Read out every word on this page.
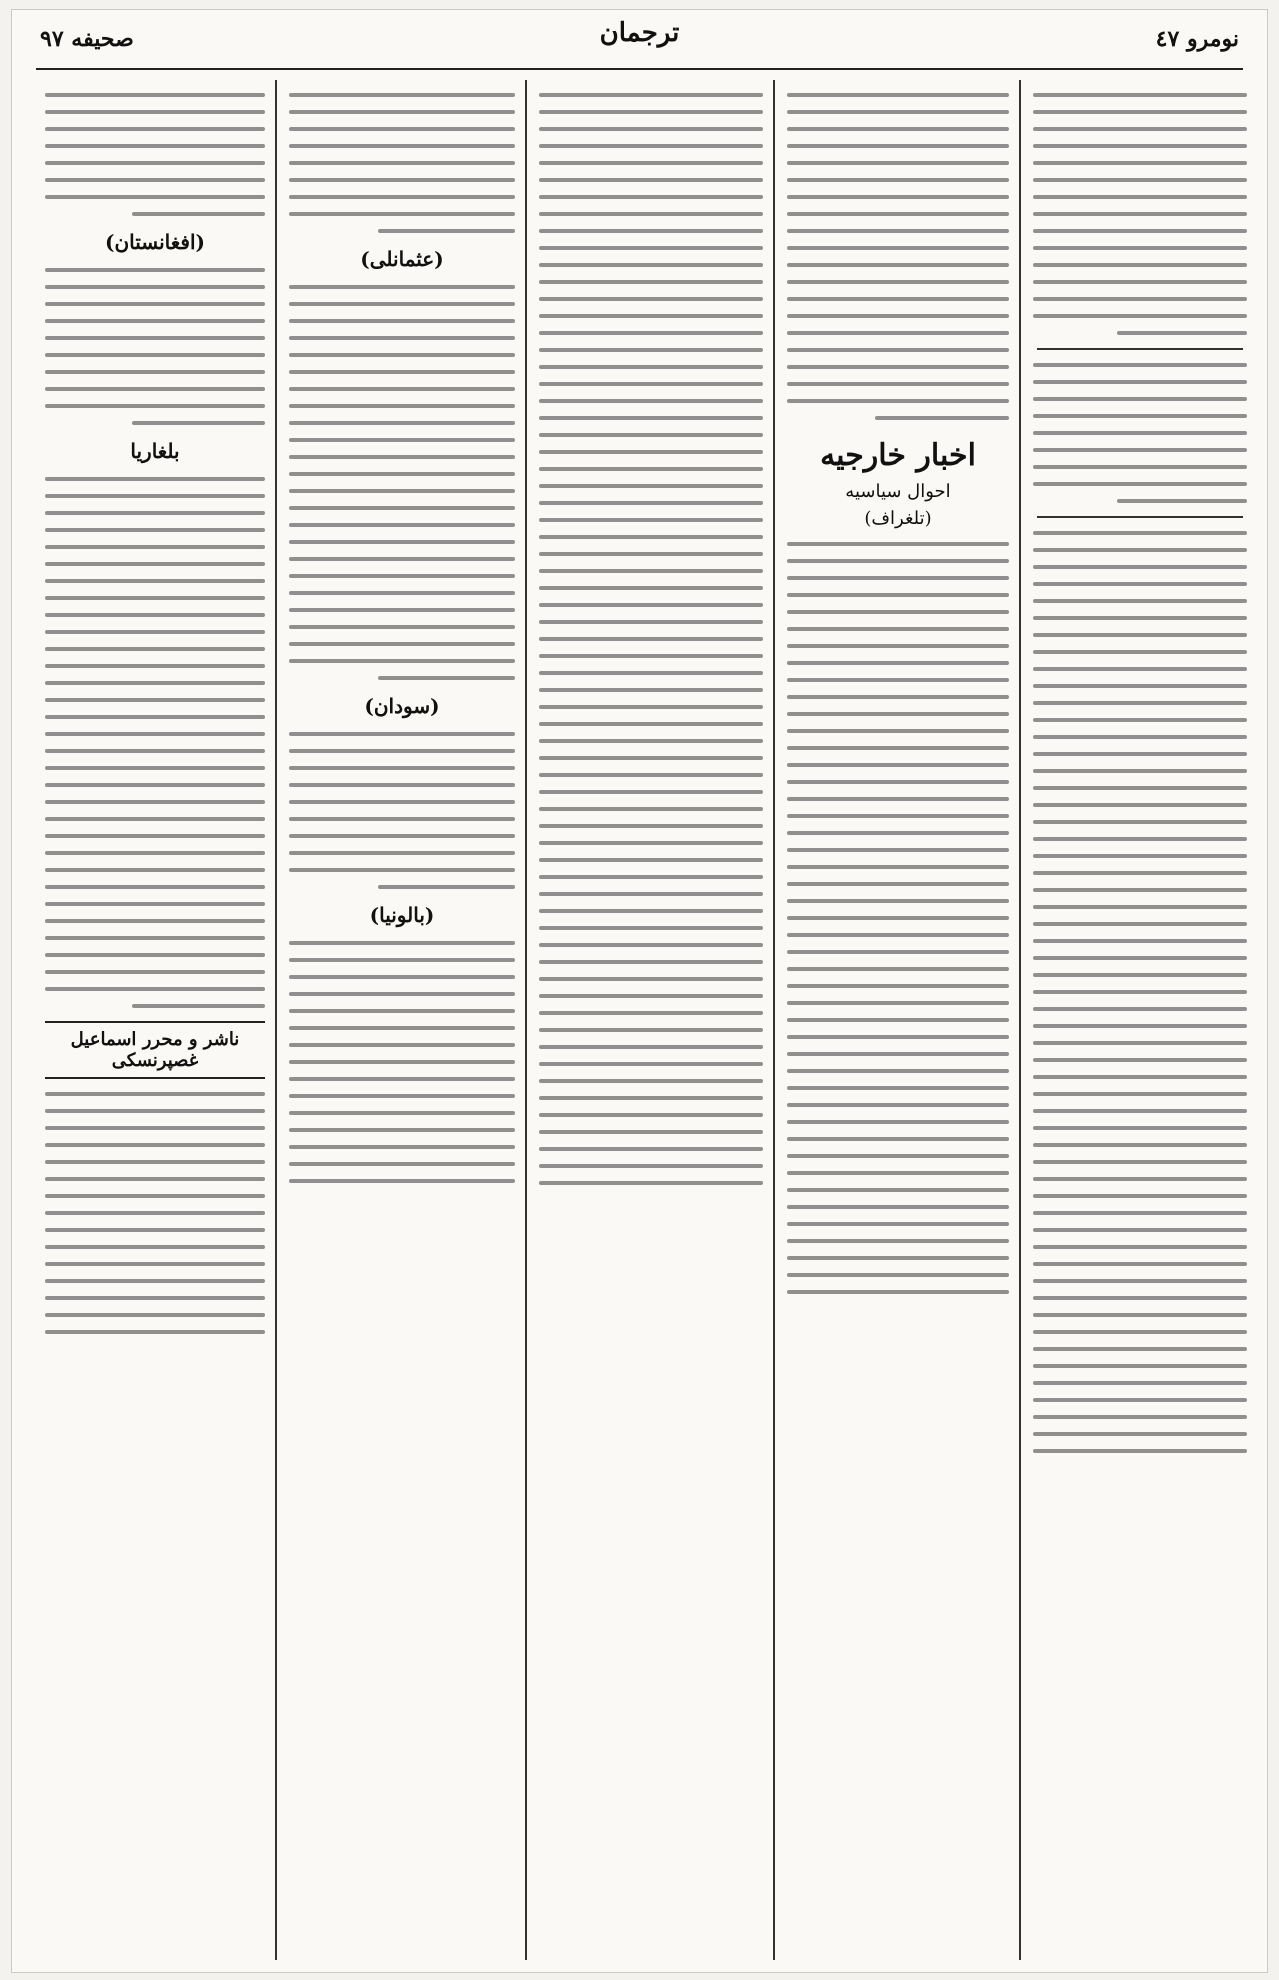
نومرو ٤٧
ترجمان
صحیفه ۹۷
اخبار خارجیه
احوال سیاسیه
(تلغراف)
(عثمانلی)
(سودان)
(بالونیا)
(افغانستان)
بلغاریا
ناشر و محرر اسماعیل غصپرنسکی
